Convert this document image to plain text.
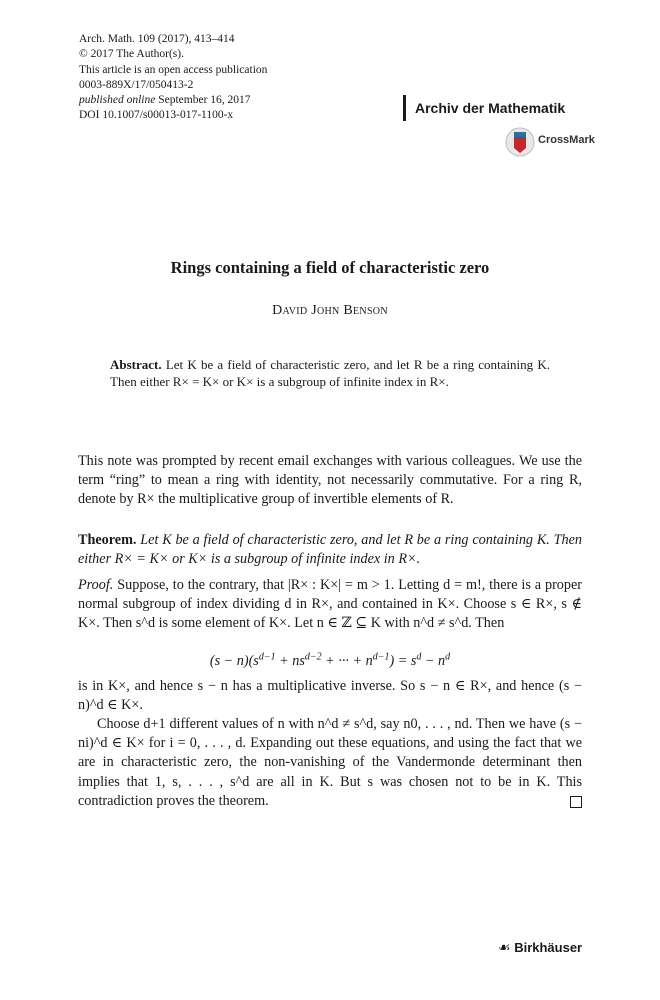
Arch. Math. 109 (2017), 413–414
© 2017 The Author(s).
This article is an open access publication
0003-889X/17/050413-2
published online September 16, 2017
DOI 10.1007/s00013-017-1100-x	Archiv der Mathematik
CrossMark
Rings containing a field of characteristic zero
David John Benson
Abstract. Let K be a field of characteristic zero, and let R be a ring containing K. Then either R× = K× or K× is a subgroup of infinite index in R×.
This note was prompted by recent email exchanges with various colleagues. We use the term “ring” to mean a ring with identity, not necessarily commutative. For a ring R, denote by R× the multiplicative group of invertible elements of R.
Theorem. Let K be a field of characteristic zero, and let R be a ring containing K. Then either R× = K× or K× is a subgroup of infinite index in R×.
Proof. Suppose, to the contrary, that |R× : K×| = m > 1. Letting d = m!, there is a proper normal subgroup of index dividing d in R×, and contained in K×. Choose s ∈ R×, s ∉ K×. Then s^d is some element of K×. Let n ∈ ℤ ⊆ K with n^d ≠ s^d. Then
$(s - n)(s^{d-1} + ns^{d-2}$ + ··· + $n^{d-1}) = s^d - n^d$
is in K×, and hence s − n has a multiplicative inverse. So s − n ∈ R×, and hence (s − n)^d ∈ K×.
Choose d+1 different values of n with n^d ≠ s^d, say n0, . . . , nd. Then we have (s − ni)^d ∈ K× for i = 0, . . . , d. Expanding out these equations, and using the fact that we are in characteristic zero, the non-vanishing of the Vandermonde determinant then implies that 1, s, . . . , s^d are all in K. But s was chosen not to be in K. This contradiction proves the theorem.
☙ Birkhäuser
